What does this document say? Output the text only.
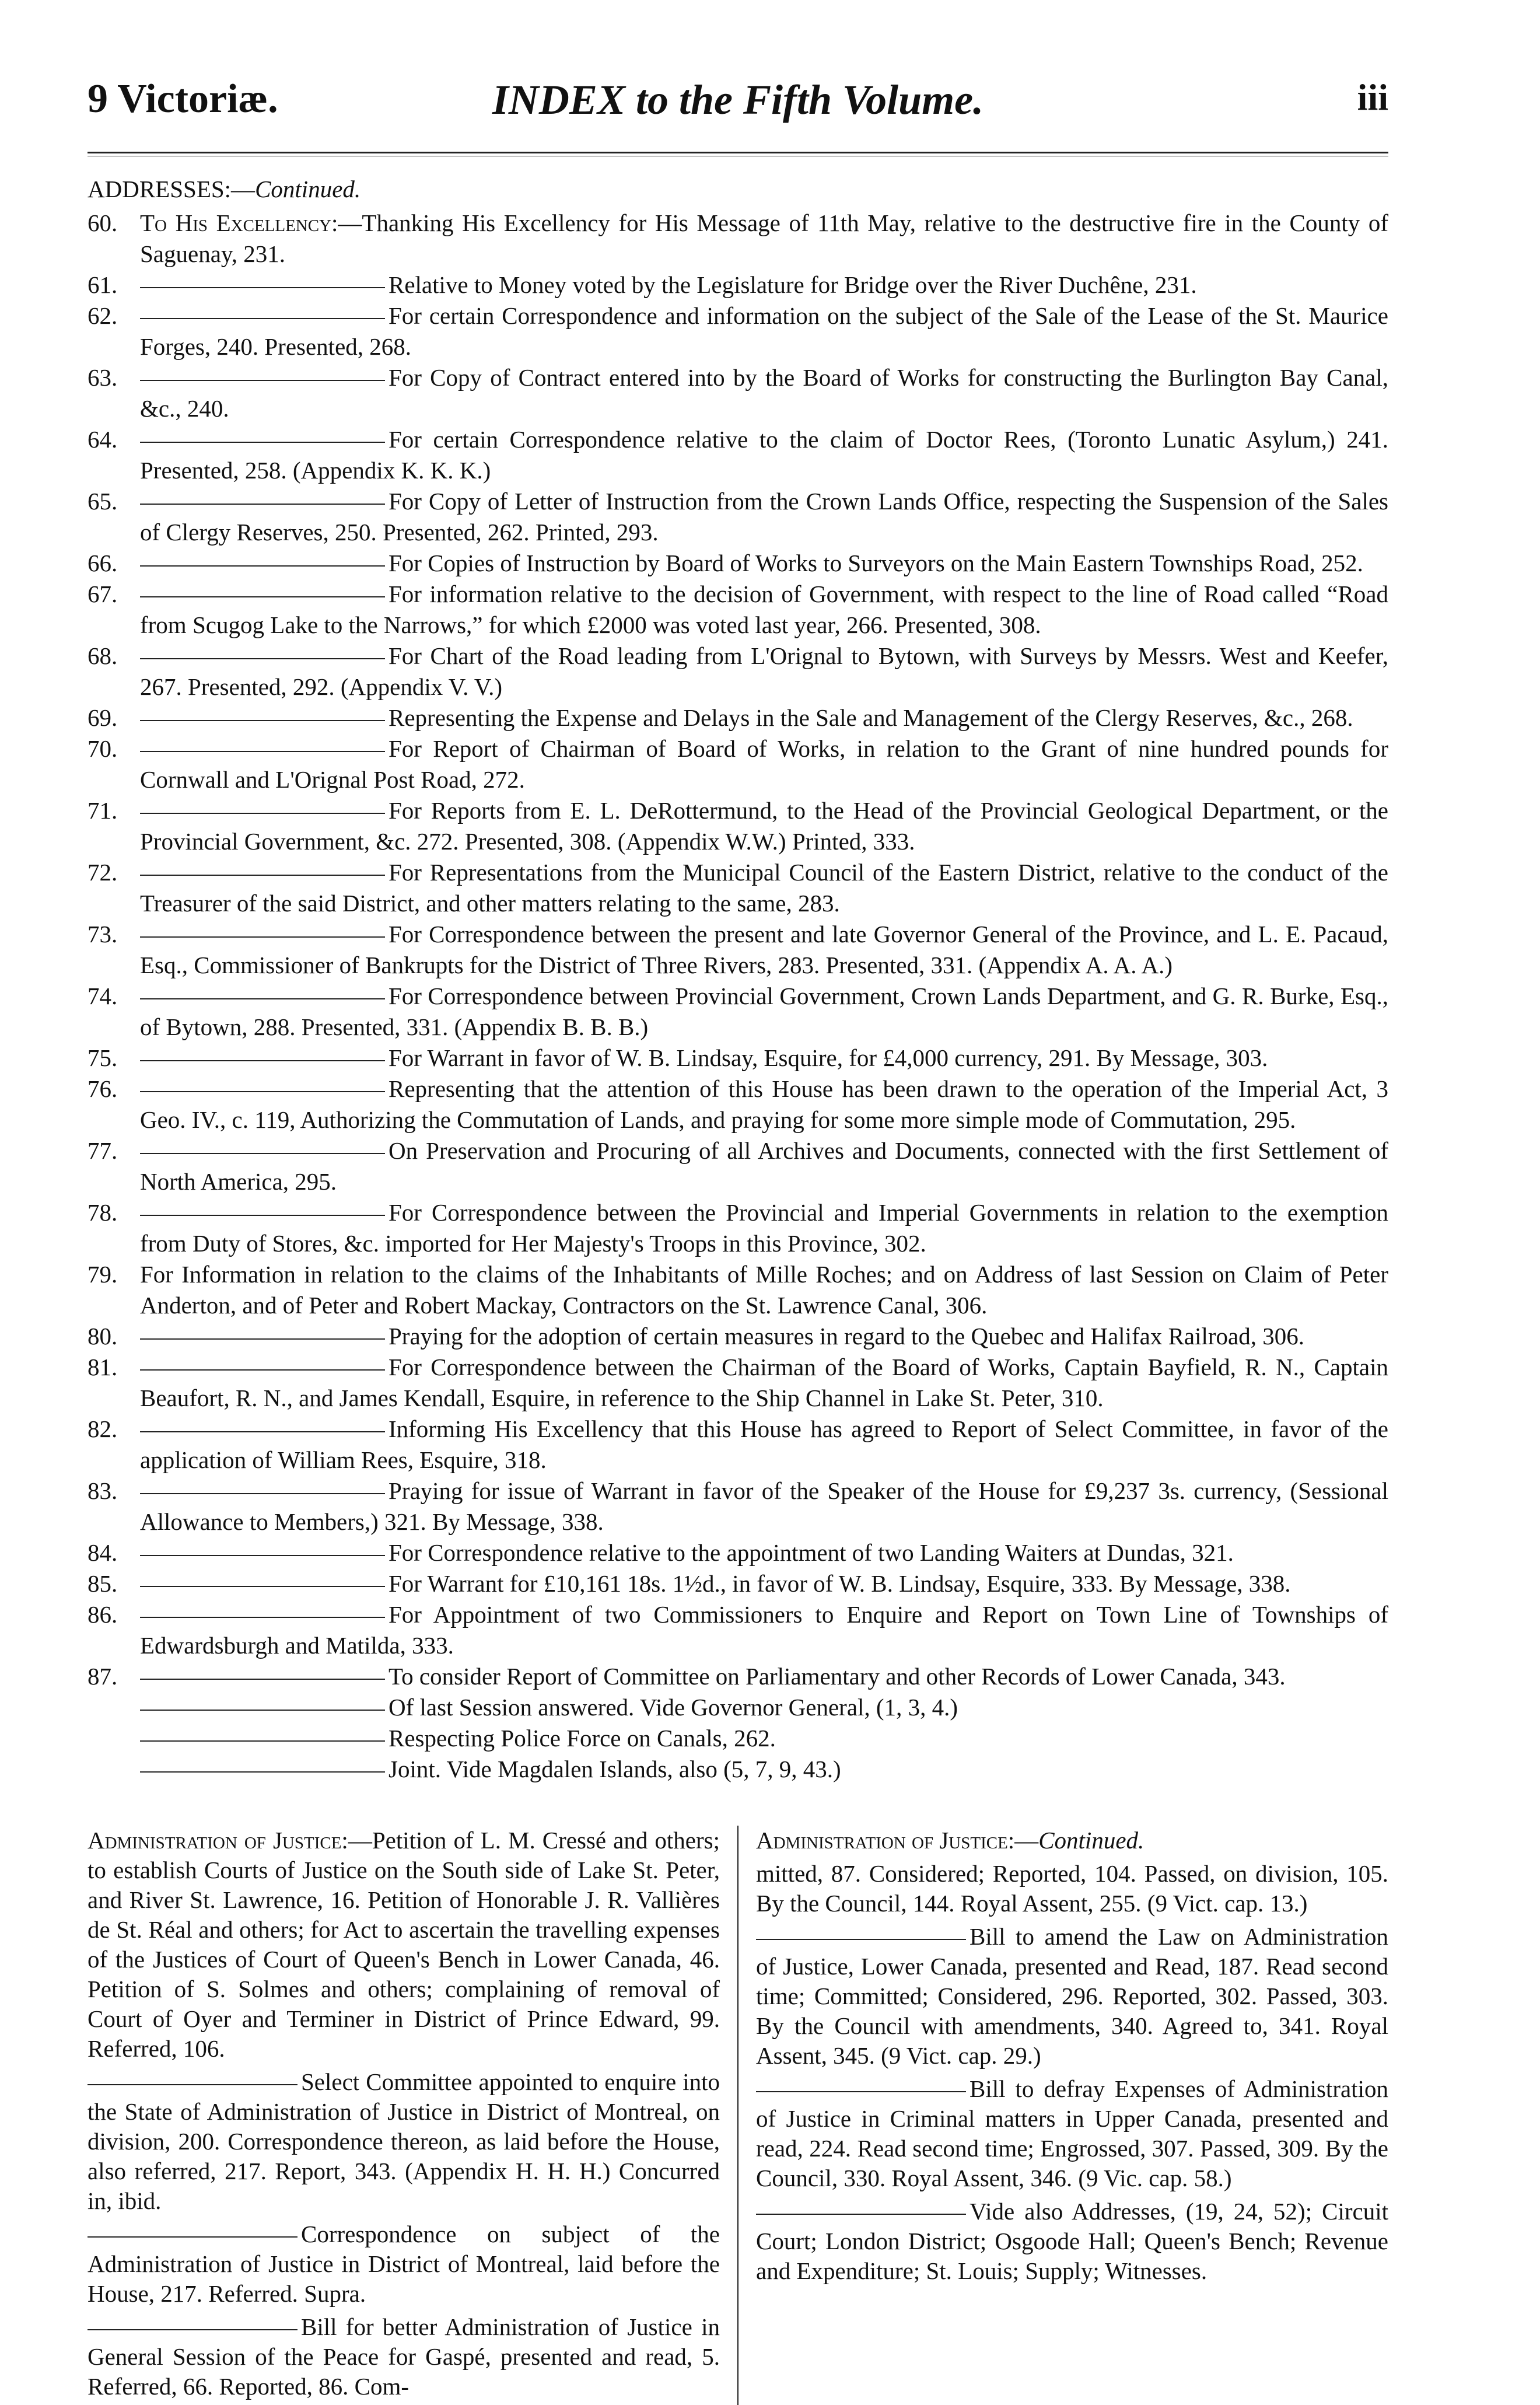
9 Victoriæ.	INDEX to the Fifth Volume.	iii
ADDRESSES:—Continued.
60. To His Excellency:—Thanking His Excellency for His Message of 11th May, relative to the destructive fire in the County of Saguenay, 231.
61.	Relative to Money voted by the Legislature for Bridge over the River Duchêne, 231.
62.	For certain Correspondence and information on the subject of the Sale of the Lease of the St. Maurice Forges, 240. Presented, 268.
63.	For Copy of Contract entered into by the Board of Works for constructing the Burlington Bay Canal, &c., 240.
64.	For certain Correspondence relative to the claim of Doctor Rees, (Toronto Lunatic Asylum,) 241. Presented, 258. (Appendix K. K. K.)
65.	For Copy of Letter of Instruction from the Crown Lands Office, respecting the Suspension of the Sales of Clergy Reserves, 250. Presented, 262. Printed, 293.
66.	For Copies of Instruction by Board of Works to Surveyors on the Main Eastern Townships Road, 252.
67.	For information relative to the decision of Government, with respect to the line of Road called “Road from Scugog Lake to the Narrows,” for which £2000 was voted last year, 266. Presented, 308.
68.	For Chart of the Road leading from L'Orignal to Bytown, with Surveys by Messrs. West and Keefer, 267. Presented, 292. (Appendix V. V.)
69.	Representing the Expense and Delays in the Sale and Management of the Clergy Reserves, &c., 268.
70.	For Report of Chairman of Board of Works, in relation to the Grant of nine hundred pounds for Cornwall and L'Orignal Post Road, 272.
71.	For Reports from E. L. DeRottermund, to the Head of the Provincial Geological Department, or the Provincial Government, &c. 272. Presented, 308. (Appendix W.W.) Printed, 333.
72.	For Representations from the Municipal Council of the Eastern District, relative to the conduct of the Treasurer of the said District, and other matters relating to the same, 283.
73.	For Correspondence between the present and late Governor General of the Province, and L. E. Pacaud, Esq., Commissioner of Bankrupts for the District of Three Rivers, 283. Presented, 331. (Appendix A. A. A.)
74.	For Correspondence between Provincial Government, Crown Lands Department, and G. R. Burke, Esq., of Bytown, 288. Presented, 331. (Appendix B. B. B.)
75.	For Warrant in favor of W. B. Lindsay, Esquire, for £4,000 currency, 291. By Message, 303.
76.	Representing that the attention of this House has been drawn to the operation of the Imperial Act, 3 Geo. IV., c. 119, Authorizing the Commutation of Lands, and praying for some more simple mode of Commutation, 295.
77.	On Preservation and Procuring of all Archives and Documents, connected with the first Settlement of North America, 295.
78.	For Correspondence between the Provincial and Imperial Governments in relation to the exemption from Duty of Stores, &c. imported for Her Majesty's Troops in this Province, 302.
79. For Information in relation to the claims of the Inhabitants of Mille Roches; and on Address of last Session on Claim of Peter Anderton, and of Peter and Robert Mackay, Contractors on the St. Lawrence Canal, 306.
80.	Praying for the adoption of certain measures in regard to the Quebec and Halifax Railroad, 306.
81.	For Correspondence between the Chairman of the Board of Works, Captain Bayfield, R. N., Captain Beaufort, R. N., and James Kendall, Esquire, in reference to the Ship Channel in Lake St. Peter, 310.
82.	Informing His Excellency that this House has agreed to Report of Select Committee, in favor of the application of William Rees, Esquire, 318.
83.	Praying for issue of Warrant in favor of the Speaker of the House for £9,237 3s. currency, (Sessional Allowance to Members,) 321. By Message, 338.
84.	For Correspondence relative to the appointment of two Landing Waiters at Dundas, 321.
85.	For Warrant for £10,161 18s. 1½d., in favor of W. B. Lindsay, Esquire, 333. By Message, 338.
86.	For Appointment of two Commissioners to Enquire and Report on Town Line of Townships of Edwardsburgh and Matilda, 333.
87.	To consider Report of Committee on Parliamentary and other Records of Lower Canada, 343.
Of last Session answered. Vide Governor General, (1, 3, 4.)
Respecting Police Force on Canals, 262.
Joint. Vide Magdalen Islands, also (5, 7, 9, 43.)
Administration of Justice:—Petition of L. M. Cressé and others; to establish Courts of Justice on the South side of Lake St. Peter, and River St. Lawrence, 16. Petition of Honorable J. R. Vallières de St. Réal and others; for Act to ascertain the travelling expenses of the Justices of Court of Queen's Bench in Lower Canada, 46. Petition of S. Solmes and others; complaining of removal of Court of Oyer and Terminer in District of Prince Edward, 99. Referred, 106.
Select Committee appointed to enquire into the State of Administration of Justice in District of Montreal, on division, 200. Correspondence thereon, as laid before the House, also referred, 217. Report, 343. (Appendix H. H. H.) Concurred in, ibid.
Correspondence on subject of the Administration of Justice in District of Montreal, laid before the House, 217. Referred. Supra.
Bill for better Administration of Justice in General Session of the Peace for Gaspé, presented and read, 5. Referred, 66. Reported, 86. Com-
Administration of Justice:—Continued.
mitted, 87. Considered; Reported, 104. Passed, on division, 105. By the Council, 144. Royal Assent, 255. (9 Vict. cap. 13.)
Bill to amend the Law on Administration of Justice, Lower Canada, presented and Read, 187. Read second time; Committed; Considered, 296. Reported, 302. Passed, 303. By the Council with amendments, 340. Agreed to, 341. Royal Assent, 345. (9 Vict. cap. 29.)
Bill to defray Expenses of Administration of Justice in Criminal matters in Upper Canada, presented and read, 224. Read second time; Engrossed, 307. Passed, 309. By the Council, 330. Royal Assent, 346. (9 Vic. cap. 58.)
Vide also Addresses, (19, 24, 52); Circuit Court; London District; Osgoode Hall; Queen's Bench; Revenue and Expenditure; St. Louis; Supply; Witnesses.
